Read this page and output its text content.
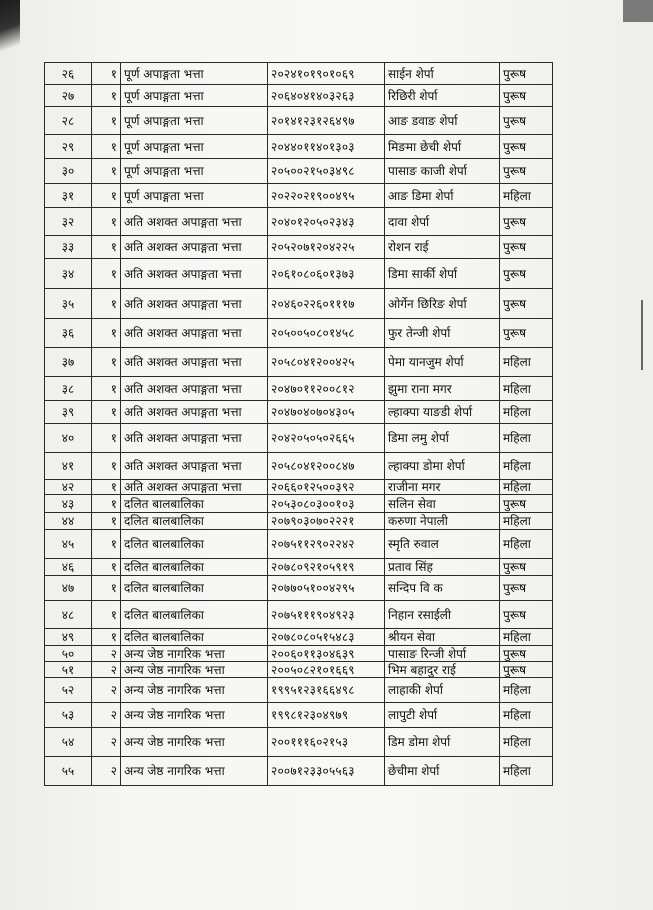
२६	१	पूर्ण अपाङ्गता भत्ता	२०२४१०१९०१०६९	साईन शेर्पा	पुरूष
२७	१	पूर्ण अपाङ्गता भत्ता	२०६४०४१४०३२६३	रिछिरी शेर्पा	पुरूष
२८	१	पूर्ण अपाङ्गता भत्ता	२०१४१२३१२६४९७	आङ डवाङ शेर्पा	पुरूष
२९	१	पूर्ण अपाङ्गता भत्ता	२०४४०११४०१३०३	मिङमा छेची शेर्पा	पुरूष
३०	१	पूर्ण अपाङ्गता भत्ता	२०५००२१५०३४९८	पासाङ काजी शेर्पा	पुरूष
३१	१	पूर्ण अपाङ्गता भत्ता	२०२२०२१९००४९५	आङ डिमा शेर्पा	महिला
३२	१	अति अशक्त अपाङ्गता भत्ता	२०४०१२०५०२३४३	दावा शेर्पा	पुरूष
३३	१	अति अशक्त अपाङ्गता भत्ता	२०५२०७१२०४२२५	रोशन राई	पुरूष
३४	१	अति अशक्त अपाङ्गता भत्ता	२०६१०८०६०१३७३	डिमा सार्की शेर्पा	पुरूष
३५	१	अति अशक्त अपाङ्गता भत्ता	२०४६०२२६०१११७	ओर्गेन छिरिङ शेर्पा	पुरूष
३६	१	अति अशक्त अपाङ्गता भत्ता	२०५००५०८०१४५८	फुर तेन्जी शेर्पा	पुरूष
३७	१	अति अशक्त अपाङ्गता भत्ता	२०५८०४१२००४२५	पेमा यानजुम शेर्पा	महिला
३८	१	अति अशक्त अपाङ्गता भत्ता	२०४७०११२००८१२	झुमा राना मगर	महिला
३९	१	अति अशक्त अपाङ्गता भत्ता	२०४७०४०७०४३०५	ल्हाक्पा याङडी शेर्पा	महिला
४०	१	अति अशक्त अपाङ्गता भत्ता	२०४२०५०५०२६६५	डिमा लमु शेर्पा	महिला
४१	१	अति अशक्त अपाङ्गता भत्ता	२०५८०४१२००८४७	ल्हाक्पा डोमा शेर्पा	महिला
४२	१	अति अशक्त अपाङ्गता भत्ता	२०६६०१२५००३९२	राजीना मगर	महिला
४३	१	दलित बालबालिका	२०५३०८०३००१०३	सलिन सेवा	पुरूष
४४	१	दलित बालबालिका	२०७९०३०७०२२२१	करुणा नेपाली	महिला
४५	१	दलित बालबालिका	२०७५११२९०२२४२	स्मृति रुवाल	महिला
४६	१	दलित बालबालिका	२०७८०९२१०५९१९	प्रताव सिंह	पुरूष
४७	१	दलित बालबालिका	२०७७०५१००४२९५	सन्दिप वि क	पुरूष
४८	१	दलित बालबालिका	२०७५१११९०४९२३	निहान रसाईली	पुरूष
४९	१	दलित बालबालिका	२०७८०८०५१५४८३	श्रीयन सेवा	महिला
५०	२	अन्य जेष्ठ नागरिक भत्ता	२००६०११३०४६३९	पासाङ रिन्जी शेर्पा	पुरूष
५१	२	अन्य जेष्ठ नागरिक भत्ता	२००५०८२१०१६६९	भिम बहादुर राई	पुरूष
५२	२	अन्य जेष्ठ नागरिक भत्ता	१९९५१२३१६६४९८	लाहाकी शेर्पा	महिला
५३	२	अन्य जेष्ठ नागरिक भत्ता	१९९८१२३०४९७९	लापुटी शेर्पा	महिला
५४	२	अन्य जेष्ठ नागरिक भत्ता	२००१११६०२१५३	डिम डोमा शेर्पा	महिला
५५	२	अन्य जेष्ठ नागरिक भत्ता	२००७१२३३०५५६३	छेचीमा शेर्पा	महिला
